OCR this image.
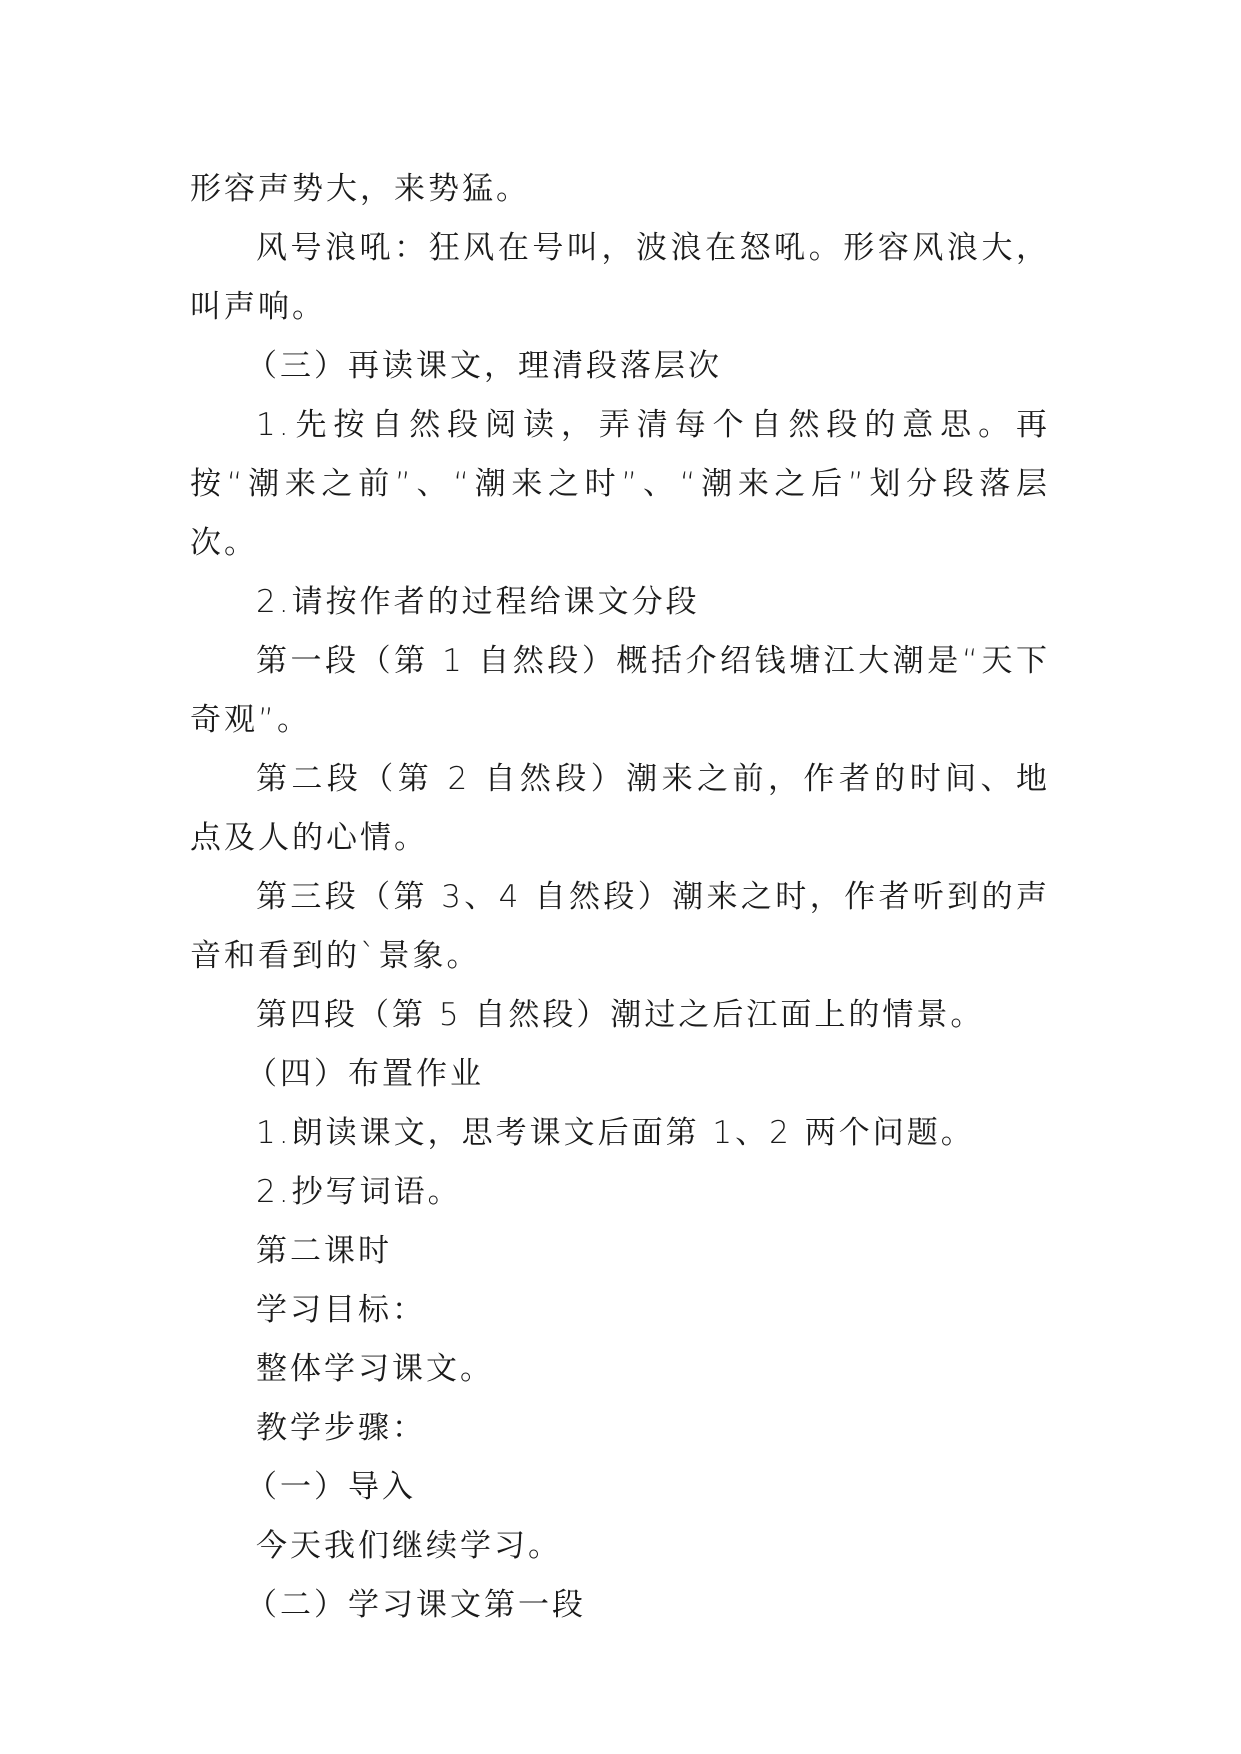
形容声势大，来势猛。

风号浪吼：狂风在号叫，波浪在怒吼。形容风浪大，叫声响。

（三）再读课文，理清段落层次

1.先按自然段阅读，弄清每个自然段的意思。再按“潮来之前”、“潮来之时”、“潮来之后”划分段落层次。

2.请按作者的过程给课文分段

第一段（第 1 自然段）概括介绍钱塘江大潮是“天下奇观”。

第二段（第 2 自然段）潮来之前，作者的时间、地点及人的心情。

第三段（第 3、4 自然段）潮来之时，作者听到的声音和看到的`景象。

第四段（第 5 自然段）潮过之后江面上的情景。

（四）布置作业

1.朗读课文，思考课文后面第 1、2 两个问题。

2.抄写词语。

第二课时

学习目标：

整体学习课文。

教学步骤：

（一）导入

今天我们继续学习。

（二）学习课文第一段
